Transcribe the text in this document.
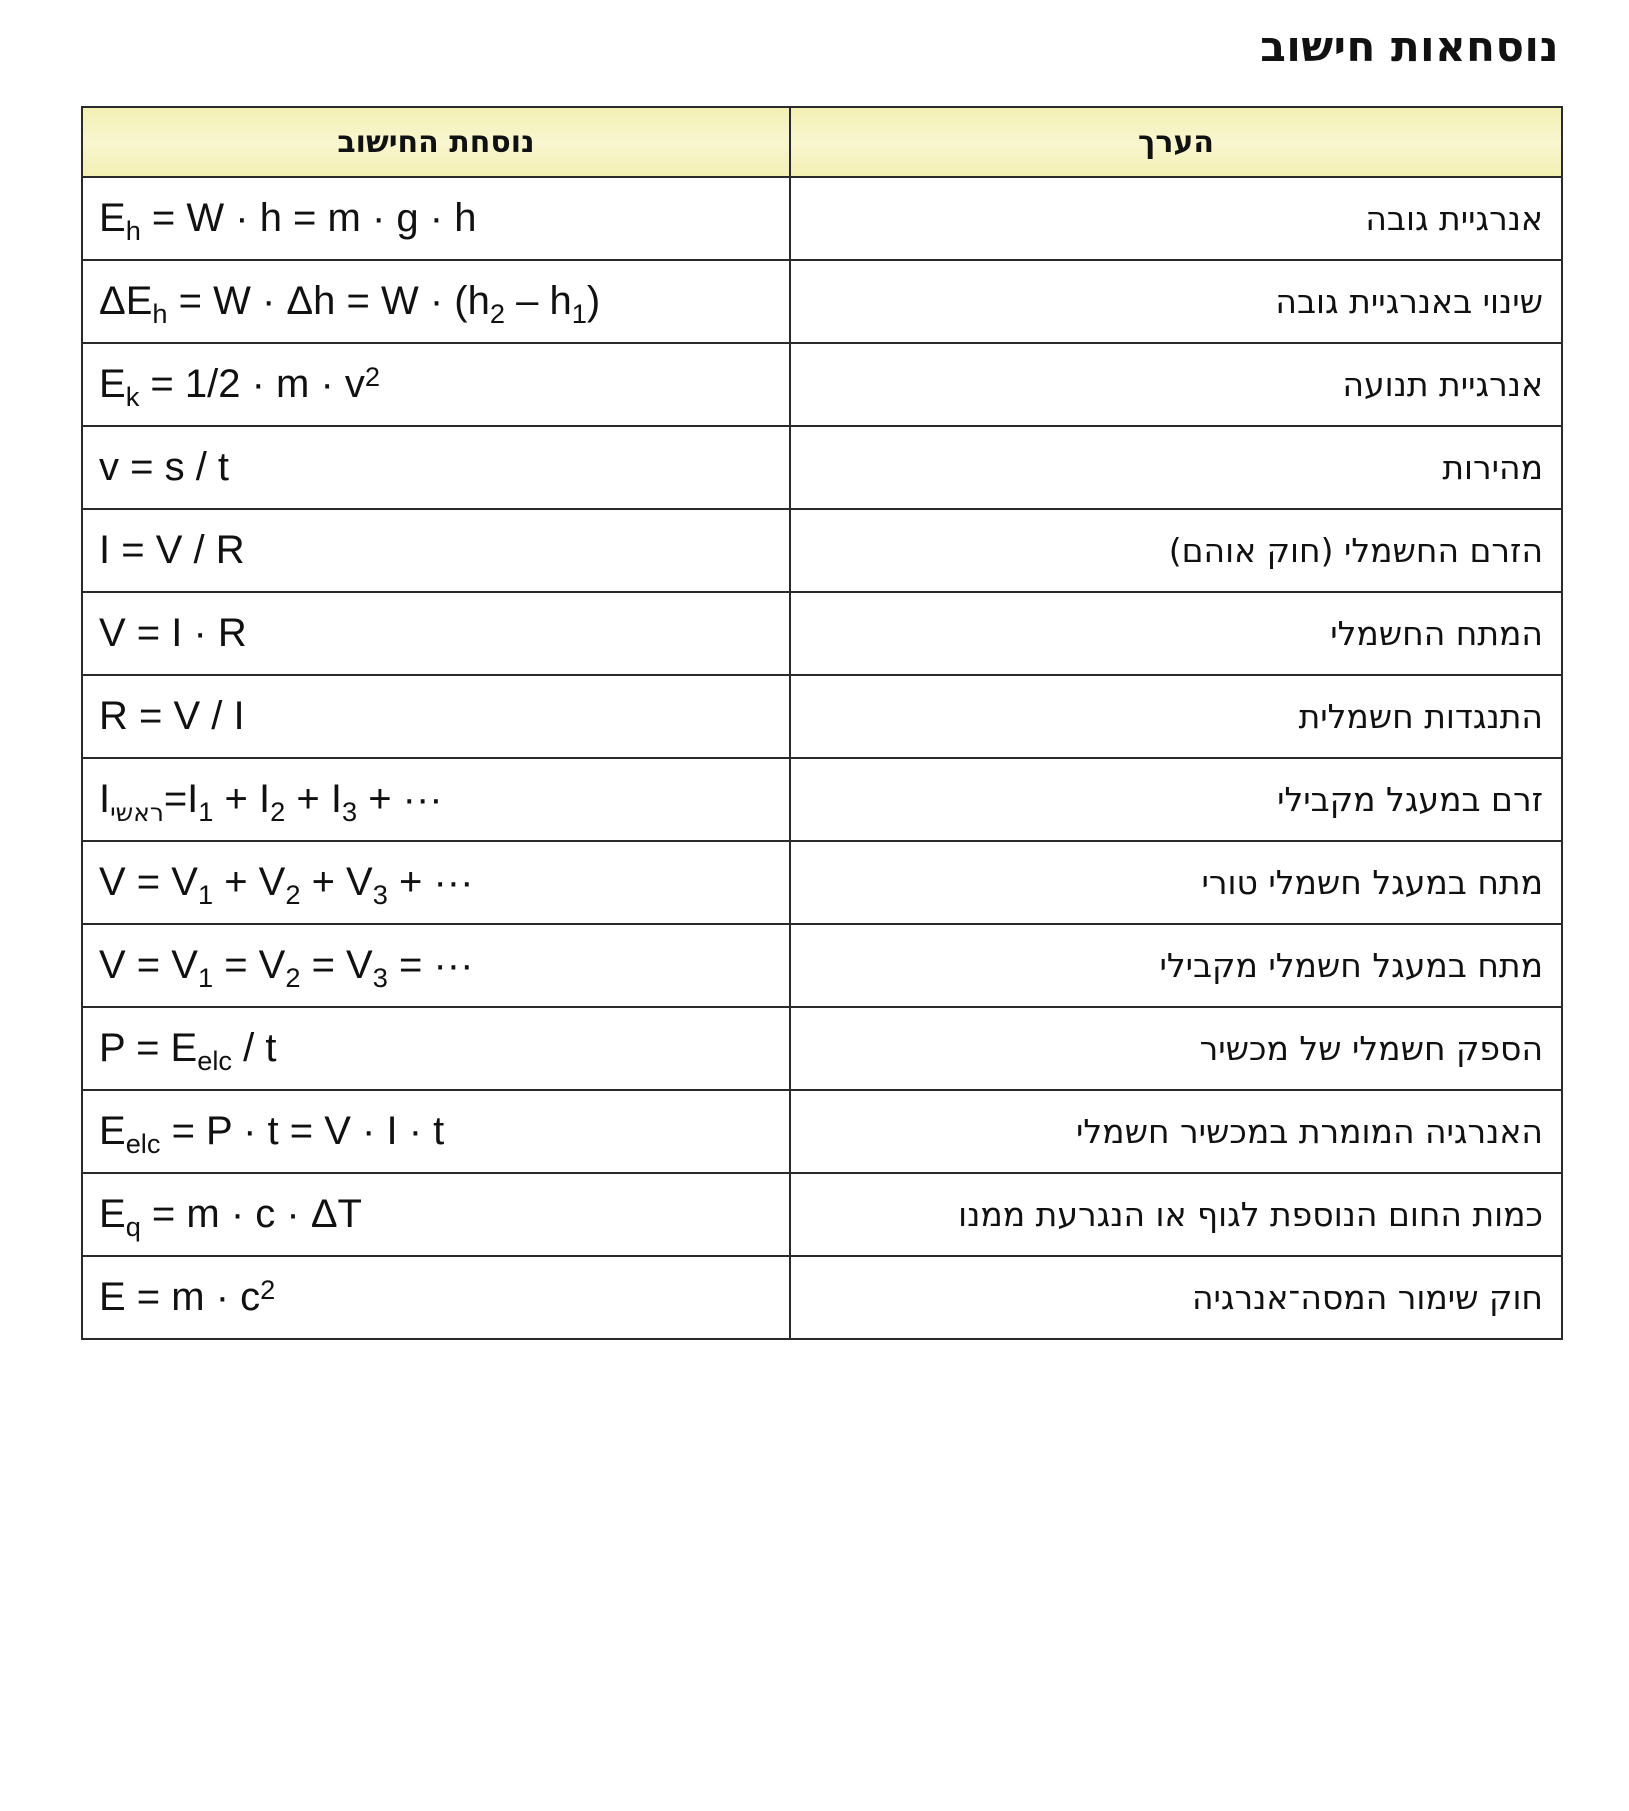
נוסחאות חישוב
נוסחת החישוב	הערך
$E_h = W \cdot h = m \cdot g \cdot h$	אנרגיית גובה
$\Delta E_h = W \cdot \Delta h = W \cdot (h_2 - h_1)$	שינוי באנרגיית גובה
$E_k = 1/2 \cdot m \cdot v^2$	אנרגיית תנועה
v = s / t	מהירות
I = V / R	הזרם החשמלי (חוק אוהם)
V = I · R	המתח החשמלי
R = V / I	התנגדות חשמלית
$I_{ראשי}=I_1 + I_2 + I_3$ + ···	זרם במעגל מקבילי
$V = V_1 + V_2 + V_3$ + ···	מתח במעגל חשמלי טורי
$V = V_1 = V_2 = V_3$ = ···	מתח במעגל חשמלי מקבילי
$P = E_{elc} / t$	הספק חשמלי של מכשיר
$E_{elc} = P \cdot t = V \cdot I \cdot t$	האנרגיה המומרת במכשיר חשמלי
$E_q = m \cdot c \cdot \Delta T$	כמות החום הנוספת לגוף או הנגרעת ממנו
$E = m \cdot c^2$	חוק שימור המסה־אנרגיה
